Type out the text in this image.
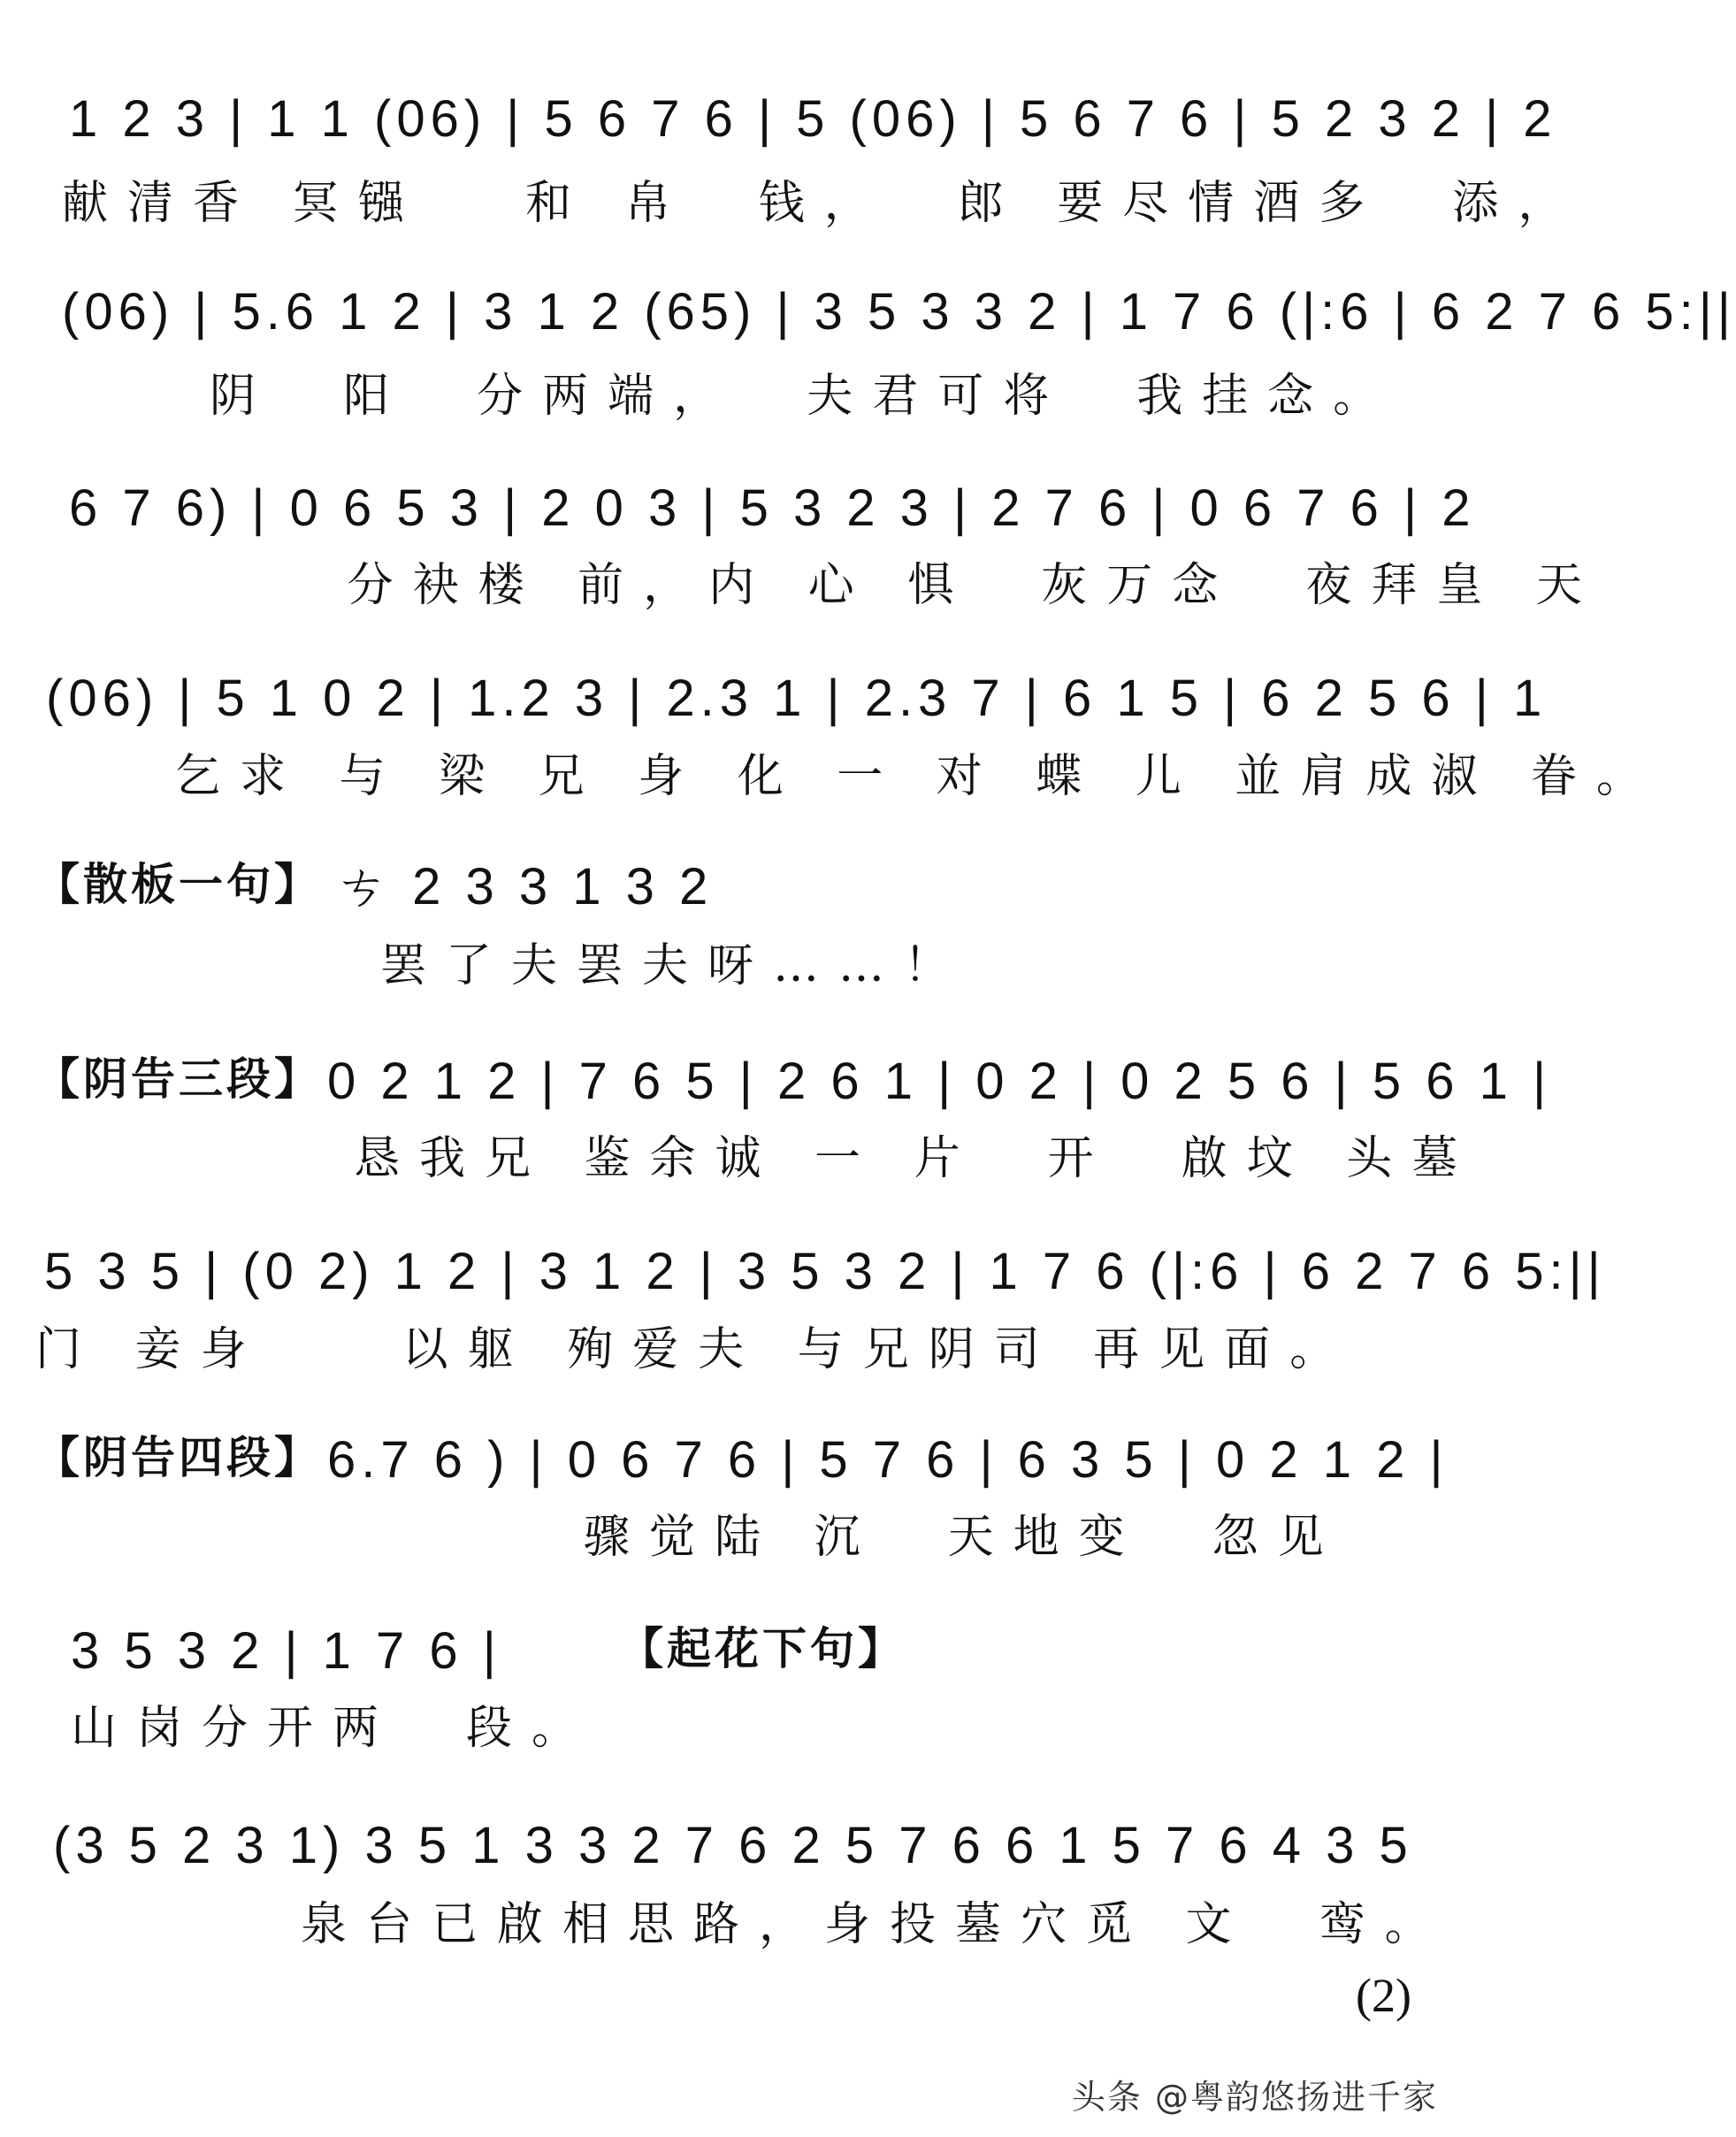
1 2 3 | 1 1 (06) | 5 6 7 6 | 5 (06) | 5 6 7 6 | 5 2 3 2 | 2
献清香 冥镪   和 帛  钱，  郎 要尽情酒多  添，
(06) | 5.6 1 2 | 3 1 2 (65) | 3 5 3 3 2 | 1 7 6 (|:6 | 6 2 7 6 5:||
阴  阳  分两端，  夫君可将  我挂念。
6 7 6) | 0 6 5 3 | 2 0 3 | 5 3 2 3 | 2 7 6 | 0 6 7 6 | 2
分袂楼 前，内 心 惧  灰万念  夜拜皇 天
(06) | 5 1 0 2 | 1.2 3 | 2.3 1 | 2.3 7 | 6 1 5 | 6 2 5 6 | 1
乞求 与 梁 兄 身 化 一 对 蝶 儿 並肩成淑 眷。
【散板一句】 ㄘ 2 3 3 1 3 2
罢了夫罢夫呀……！
【阴告三段】 0 2 1 2 | 7 6 5 | 2 6 1 | 0 2 | 0 2 5 6 | 5 6 1 |
恳我兄 鉴余诚 一 片  开  啟坟 头墓
5 3 5 | (0 2) 1 2 | 3 1 2 | 3 5 3 2 | 1 7 6 (|:6 | 6 2 7 6 5:||
门 妾身    以躯 殉爱夫 与兄阴司 再见面。
【阴告四段】 6.7 6 ) | 0 6 7 6 | 5 7 6 | 6 3 5 | 0 2 1 2 |
骤觉陆 沉  天地变  忽见
3 5 3 2 | 1 7 6 |	【起花下句】
山岗分开两  段。
(3 5 2 3 1) 3 5 1 3 3 2 7 6 2 5 7 6 6 1 5 7 6 4 3 5
泉台已啟相思路，身投墓穴觅 文  鸾。
(2)
头条 @粤韵悠扬进千家
